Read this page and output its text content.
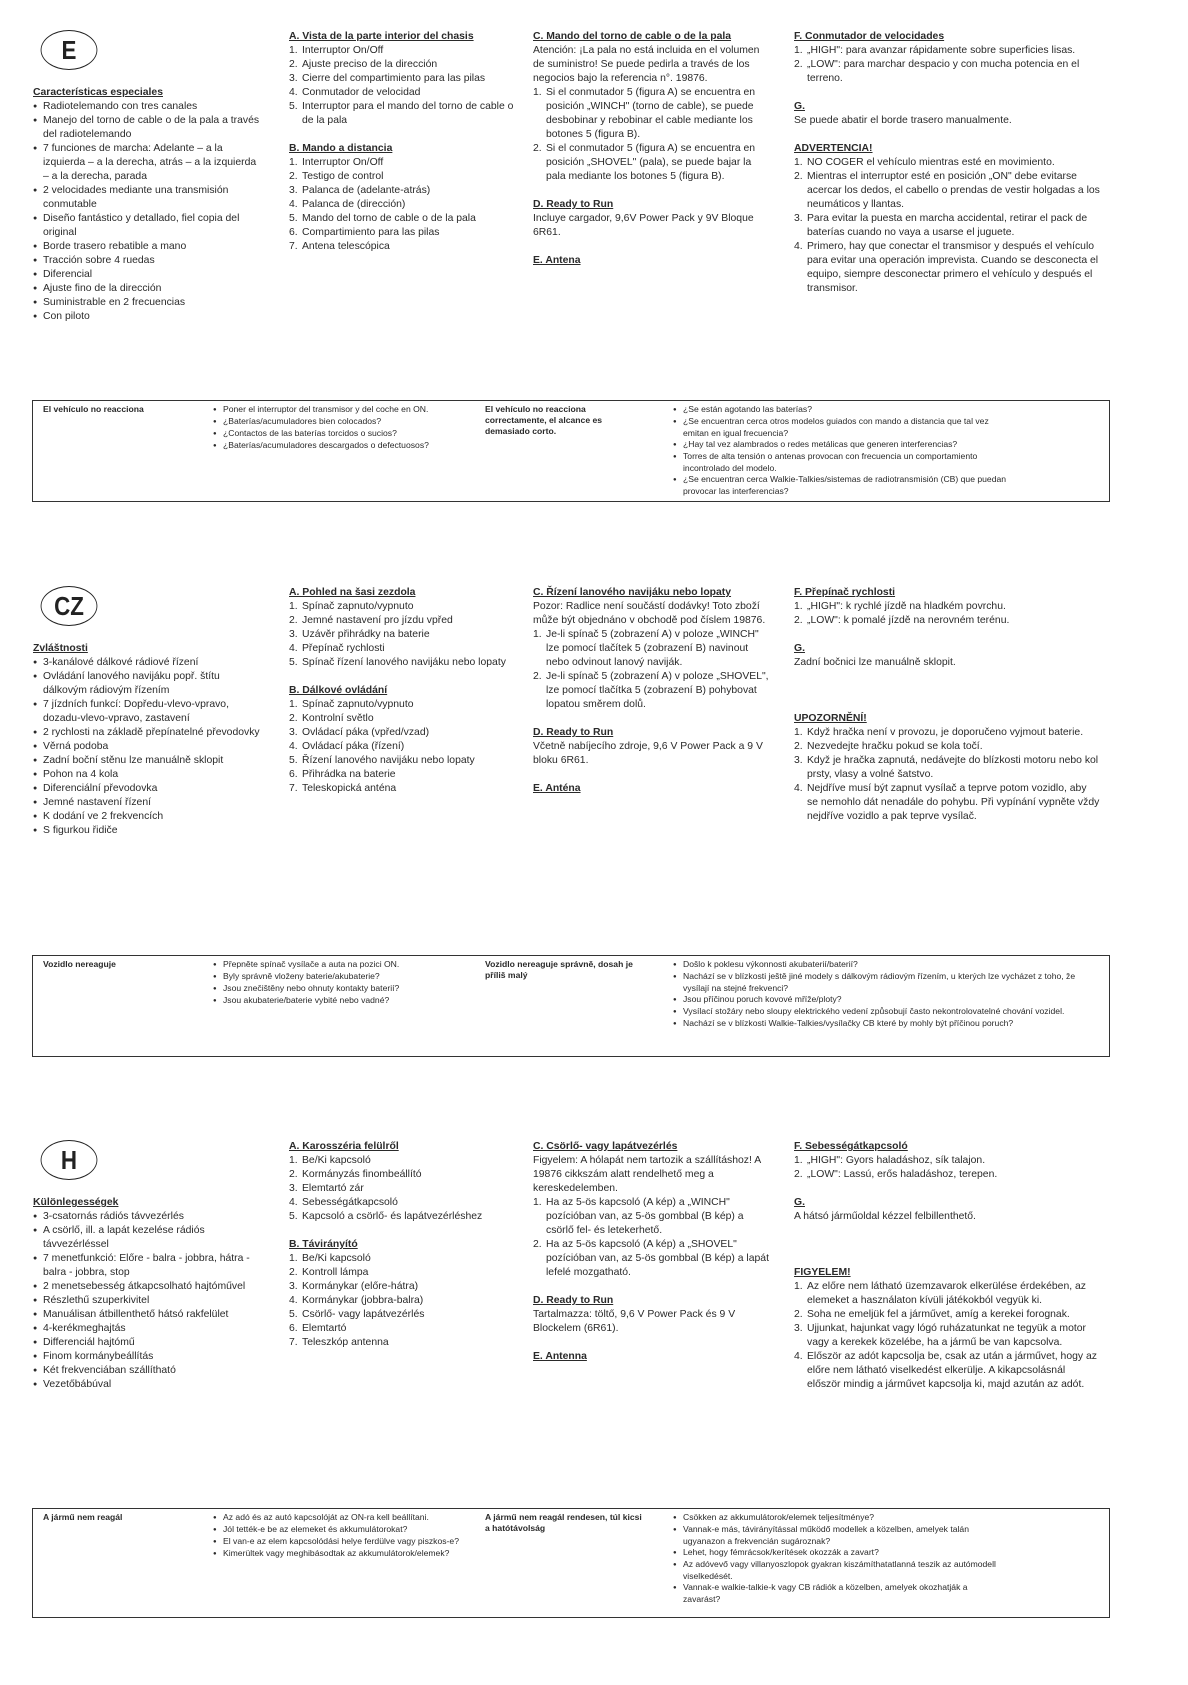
E
Características especiales
● Radiotelemando con tres canales
● Manejo del torno de cable o de la pala a través del radiotelemando
● 7 funciones de marcha: Adelante – a la izquierda – a la derecha, atrás – a la izquierda – a la derecha, parada
● 2 velocidades mediante una transmisión conmutable
● Diseño fantástico y detallado, fiel copia del original
● Borde trasero rebatible a mano
● Tracción sobre 4 ruedas
● Diferencial
● Ajuste fino de la dirección
● Suministrable en 2 frecuencias
● Con piloto
A. Vista de la parte interior del chasis
1. Interruptor On/Off
2. Ajuste preciso de la dirección
3. Cierre del compartimiento para las pilas
4. Conmutador de velocidad
5. Interruptor para el mando del torno de cable o de la pala
B. Mando a distancia
1. Interruptor On/Off
2. Testigo de control
3. Palanca de (adelante-atrás)
4. Palanca de (dirección)
5. Mando del torno de cable o de la pala
6. Compartimiento para las pilas
7. Antena telescópica
C. Mando del torno de cable o de la pala
Atención: ¡La pala no está incluida en el volumen de suministro! Se puede pedirla a través de los negocios bajo la referencia n°. 19876.
1. Si el conmutador 5 (figura A) se encuentra en posición „WINCH" (torno de cable), se puede desbobinar y rebobinar el cable mediante los botones 5 (figura B).
2. Si el conmutador 5 (figura A) se encuentra en posición „SHOVEL" (pala), se puede bajar la pala mediante los botones 5 (figura B).
D. Ready to Run
Incluye cargador, 9,6V Power Pack y 9V Bloque 6R61.
E. Antena
F. Conmutador de velocidades
1. „HIGH": para avanzar rápidamente sobre superficies lisas.
2. „LOW": para marchar despacio y con mucha potencia en el terreno.
G.
Se puede abatir el borde trasero manualmente.
ADVERTENCIA!
1. NO COGER el vehículo mientras esté en movimiento.
2. Mientras el interruptor esté en posición „ON" debe evitarse acercar los dedos, el cabello o prendas de vestir holgadas a los neumáticos y llantas.
3. Para evitar la puesta en marcha accidental, retirar el pack de baterías cuando no vaya a usarse el juguete.
4. Primero, hay que conectar el transmisor y después el vehículo para evitar una operación imprevista. Cuando se desconecta el equipo, siempre desconectar primero el vehículo y después el transmisor.
El vehículo no reacciona	● Poner el interruptor del transmisor y del coche en ON.
● ¿Baterías/acumuladores bien colocados?
● ¿Contactos de las baterías torcidos o sucios?
● ¿Baterías/acumuladores descargados o defectuosos?
El vehículo no reacciona correctamente, el alcance es demasiado corto.
● ¿Se están agotando las baterías?
● ¿Se encuentran cerca otros modelos guiados con mando a distancia que tal vez emitan en igual frecuencia?
● ¿Hay tal vez alambrados o redes metálicas que generen interferencias?
● Torres de alta tensión o antenas provocan con frecuencia un comportamiento incontrolado del modelo.
● ¿Se encuentran cerca Walkie-Talkies/sistemas de radiotransmisión (CB) que puedan provocar las interferencias?
CZ
Zvláštnosti
● 3-kanálové dálkové rádiové řízení
● Ovládání lanového navijáku popř. štítu dálkovým rádiovým řízením
● 7 jízdních funkcí: Dopředu-vlevo-vpravo, dozadu-vlevo-vpravo, zastavení
● 2 rychlosti na základě přepínatelné převodovky
● Věrná podoba
● Zadní boční stěnu lze manuálně sklopit
● Pohon na 4 kola
● Diferenciální převodovka
● Jemné nastavení řízení
● K dodání ve 2 frekvencích
● S figurkou řidiče
A. Pohled na šasi zezdola
1. Spínač zapnuto/vypnuto
2. Jemné nastavení pro jízdu vpřed
3. Uzávěr přihrádky na baterie
4. Přepínač rychlosti
5. Spínač řízení lanového navijáku nebo lopaty
B. Dálkové ovládání
1. Spínač zapnuto/vypnuto
2. Kontrolní světlo
3. Ovládací páka (vpřed/vzad)
4. Ovládací páka (řízení)
5. Řízení lanového navijáku nebo lopaty
6. Přihrádka na baterie
7. Teleskopická anténa
C. Řízení lanového navijáku nebo lopaty
Pozor: Radlice není součástí dodávky! Toto zboží může být objednáno v obchodě pod číslem 19876.
1. Je-li spínač 5 (zobrazení A) v poloze „WINCH" lze pomocí tlačítek 5 (zobrazení B) navinout nebo odvinout lanový naviják.
2. Je-li spínač 5 (zobrazení A) v poloze „SHOVEL", lze pomocí tlačítka 5 (zobrazení B) pohybovat lopatou směrem dolů.
D. Ready to Run
Včetně nabíjecího zdroje, 9,6 V Power Pack a 9 V bloku 6R61.
E. Anténa
F. Přepínač rychlosti
1. „HIGH": k rychlé jízdě na hladkém povrchu.
2. „LOW": k pomalé jízdě na nerovném terénu.
G.
Zadní bočnici lze manuálně sklopit.
UPOZORNĚNÍ!
1. Když hračka není v provozu, je doporučeno vyjmout baterie.
2. Nezvedejte hračku pokud se kola točí.
3. Když je hračka zapnutá, nedávejte do blízkosti motoru nebo kol prsty, vlasy a volné šatstvo.
4. Nejdříve musí být zapnut vysílač a teprve potom vozidlo, aby se nemohlo dát nenadále do pohybu. Při vypínání vypněte vždy nejdříve vozidlo a pak teprve vysílač.
Vozidlo nereaguje	● Přepněte spínač vysílače a auta na pozici ON.
● Byly správně vloženy baterie/akubaterie?
● Jsou znečištěny nebo ohnuty kontakty baterií?
● Jsou akubaterie/baterie vybité nebo vadné?
Vozidlo nereaguje správně, dosah je příliš malý
● Došlo k poklesu výkonnosti akubaterií/baterií?
● Nachází se v blízkosti ještě jiné modely s dálkovým rádiovým řízením, u kterých lze vycházet z toho, že vysílají na stejné frekvenci?
● Jsou příčinou poruch kovové mříže/ploty?
● Vysílací stožáry nebo sloupy elektrického vedení způsobují často nekontrolovatelné chování vozidel.
● Nachází se v blízkosti Walkie-Talkies/vysílačky CB které by mohly být příčinou poruch?
H
Különlegességek
● 3-csatornás rádiós távvezérlés
● A csörlő, ill. a lapát kezelése rádiós távvezérléssel
● 7 menetfunkció: Előre - balra - jobbra, hátra - balra - jobbra, stop
● 2 menetsebesség átkapcsolható hajtóművel
● Részlethű szuperkivitel
● Manuálisan átbillenthető hátsó rakfelület
● 4-kerékmeghajtás
● Differenciál hajtómű
● Finom kormánybeállítás
● Két frekvenciában szállítható
● Vezetőbábúval
A. Karosszéria felülről
1. Be/Ki kapcsoló
2. Kormányzás finombeállító
3. Elemtartó zár
4. Sebességátkapcsoló
5. Kapcsoló a csörlő- és lapátvezérléshez
B. Távirányító
1. Be/Ki kapcsoló
2. Kontroll lámpa
3. Kormánykar (előre-hátra)
4. Kormánykar (jobbra-balra)
5. Csörlő- vagy lapátvezérlés
6. Elemtartó
7. Teleszkóp antenna
C. Csörlő- vagy lapátvezérlés
Figyelem: A hólapát nem tartozik a szállításhoz! A 19876 cikkszám alatt rendelhető meg a kereskedelemben.
1. Ha az 5-ös kapcsoló (A kép) a „WINCH" pozícióban van, az 5-ös gombbal (B kép) a csörlő fel- és letekerhető.
2. Ha az 5-ös kapcsoló (A kép) a „SHOVEL" pozícióban van, az 5-ös gombbal (B kép) a lapát lefelé mozgatható.
D. Ready to Run
Tartalmazza: töltő, 9,6 V Power Pack és 9 V Blockelem (6R61).
E. Antenna
F. Sebességátkapcsoló
1. „HIGH": Gyors haladáshoz, sík talajon.
2. „LOW": Lassú, erős haladáshoz, terepen.
G.
A hátsó járműoldal kézzel felbillenthető.
FIGYELEM!
1. Az előre nem látható üzemzavarok elkerülése érdekében, az elemeket a használaton kívüli játékokból vegyük ki.
2. Soha ne emeljük fel a járművet, amíg a kerekei forognak.
3. Ujjunkat, hajunkat vagy lógó ruházatunkat ne tegyük a motor vagy a kerekek közelébe, ha a jármű be van kapcsolva.
4. Először az adót kapcsolja be, csak az után a járművet, hogy az előre nem látható viselkedést elkerülje. A kikapcsolásnál először mindig a járművet kapcsolja ki, majd azután az adót.
A jármű nem reagál	● Az adó és az autó kapcsolóját az ON-ra kell beállítani.
● Jól tették-e be az elemeket és akkumulátorokat?
● El van-e az elem kapcsolódási helye ferdülve vagy piszkos-e?
● Kimerültek vagy meghibásodtak az akkumulátorok/elemek?
A jármű nem reagál rendesen, túl kicsi a hatótávolság
● Csökken az akkumulátorok/elemek teljesítménye?
● Vannak-e más, távirányítással működő modellek a közelben, amelyek talán ugyanazon a frekvencián sugároznak?
● Lehet, hogy fémrácsok/kerítések okozzák a zavart?
● Az adóvevő vagy villanyoszlopok gyakran kiszámíthatatlanná teszik az autómodell viselkedését.
● Vannak-e walkie-talkie-k vagy CB rádiók a közelben, amelyek okozhatják a zavarást?
